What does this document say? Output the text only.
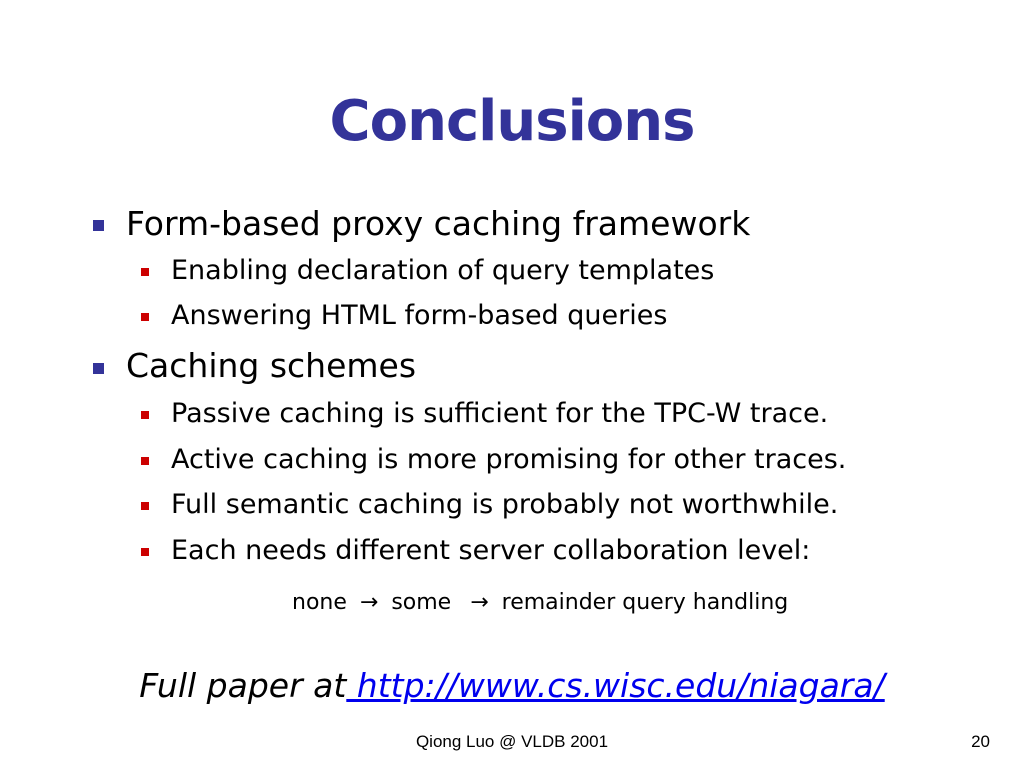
Conclusions
Form-based proxy caching framework
Enabling declaration of query templates
Answering HTML form-based queries
Caching schemes
Passive caching is sufficient for the TPC-W trace.
Active caching is more promising for other traces.
Full semantic caching is probably not worthwhile.
Each needs different server collaboration level:
none → some → remainder query handling
Full paper at http://www.cs.wisc.edu/niagara/
Qiong Luo @ VLDB 2001	20
